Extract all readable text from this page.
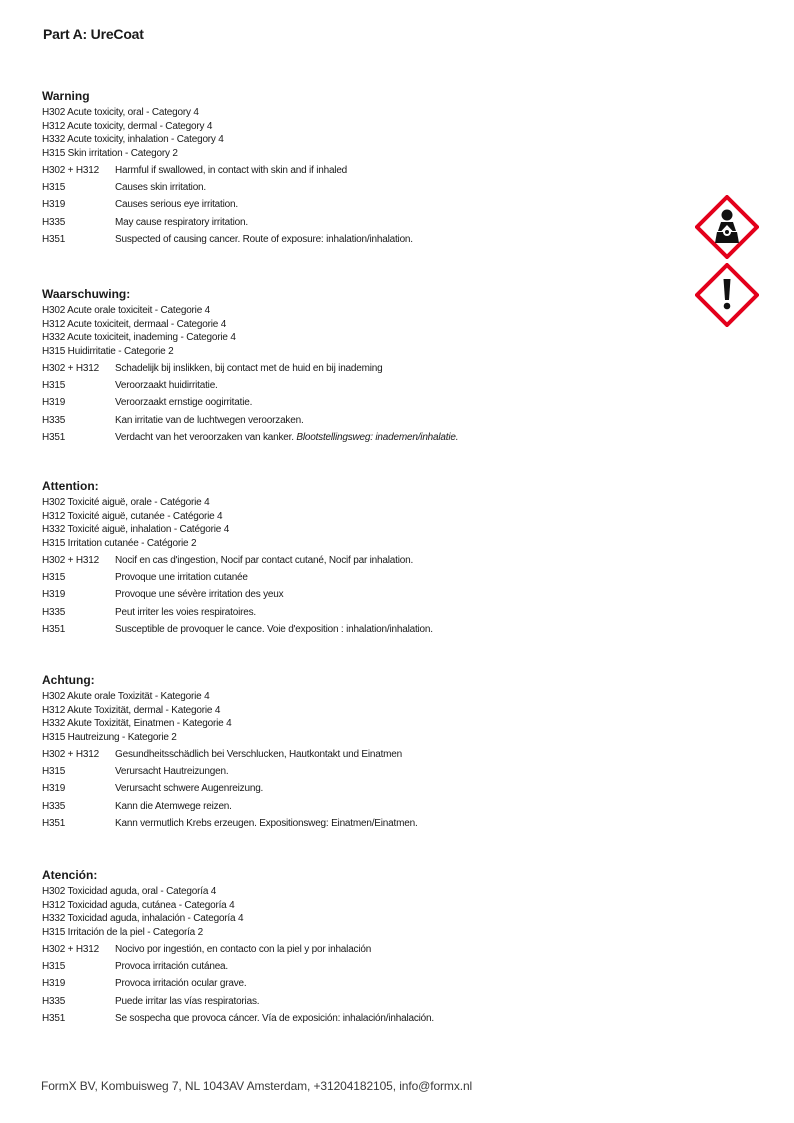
Part A: UreCoat
Warning
H302 Acute toxicity, oral - Category 4
H312 Acute toxicity, dermal - Category 4
H332 Acute toxicity, inhalation - Category 4
H315 Skin irritation - Category 2
H302 + H312	Harmful if swallowed, in contact with skin and if inhaled
H315	Causes skin irritation.
H319	Causes serious eye irritation.
H335	May cause respiratory irritation.
H351	Suspected of causing cancer. Route of exposure: inhalation/inhalation.
Waarschuwing:
H302 Acute orale toxiciteit - Categorie 4
H312 Acute toxiciteit, dermaal - Categorie 4
H332 Acute toxiciteit, inademing - Categorie 4
H315 Huidirritatie - Categorie 2
H302 + H312	Schadelijk bij inslikken, bij contact met de huid en bij inademing
H315	Veroorzaakt huidirritatie.
H319	Veroorzaakt ernstige oogirritatie.
H335	Kan irritatie van de luchtwegen veroorzaken.
H351	Verdacht van het veroorzaken van kanker. Blootstellingsweg: inademen/inhalatie.
Attention:
H302 Toxicité aiguë, orale - Catégorie 4
H312 Toxicité aiguë, cutanée - Catégorie 4
H332 Toxicité aiguë, inhalation - Catégorie 4
H315 Irritation cutanée - Catégorie 2
H302 + H312	Nocif en cas d'ingestion, Nocif par contact cutané, Nocif par inhalation.
H315	Provoque une irritation cutanée
H319	Provoque une sévère irritation des yeux
H335	Peut irriter les voies respiratoires.
H351	Susceptible de provoquer le cance. Voie d'exposition : inhalation/inhalation.
Achtung:
H302 Akute orale Toxizität - Kategorie 4
H312 Akute Toxizität, dermal - Kategorie 4
H332 Akute Toxizität, Einatmen - Kategorie 4
H315 Hautreizung - Kategorie 2
H302 + H312	Gesundheitsschädlich bei Verschlucken, Hautkontakt und Einatmen
H315	Verursacht Hautreizungen.
H319	Verursacht schwere Augenreizung.
H335	Kann die Atemwege reizen.
H351	Kann vermutlich Krebs erzeugen. Expositionsweg: Einatmen/Einatmen.
Atención:
H302 Toxicidad aguda, oral - Categoría 4
H312 Toxicidad aguda, cutánea - Categoría 4
H332 Toxicidad aguda, inhalación - Categoría 4
H315 Irritación de la piel - Categoría 2
H302 + H312	Nocivo por ingestión, en contacto con la piel y por inhalación
H315	Provoca irritación cutánea.
H319	Provoca irritación ocular grave.
H335	Puede irritar las vías respiratorias.
H351	Se sospecha que provoca cáncer. Vía de exposición: inhalación/inhalación.
FormX BV, Kombuisweg 7, NL 1043AV Amsterdam, +31204182105, info@formx.nl
